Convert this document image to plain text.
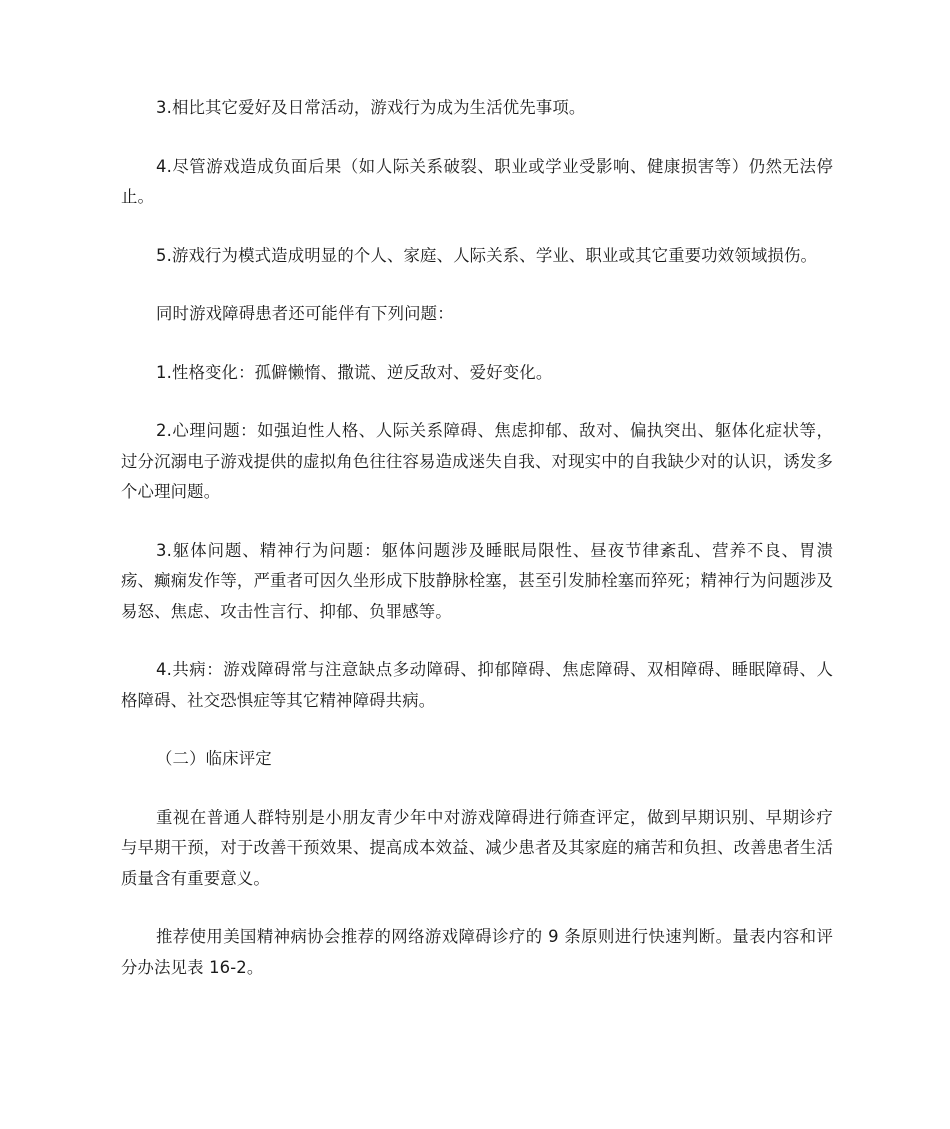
3.相比其它爱好及日常活动，游戏行为成为生活优先事项。

4.尽管游戏造成负面后果（如人际关系破裂、职业或学业受影响、健康损害等）仍然无法停止。

5.游戏行为模式造成明显的个人、家庭、人际关系、学业、职业或其它重要功效领域损伤。

同时游戏障碍患者还可能伴有下列问题：

1.性格变化：孤僻懒惰、撒谎、逆反敌对、爱好变化。

2.心理问题：如强迫性人格、人际关系障碍、焦虑抑郁、敌对、偏执突出、躯体化症状等，过分沉溺电子游戏提供的虚拟角色往往容易造成迷失自我、对现实中的自我缺少对的认识，诱发多个心理问题。

3.躯体问题、精神行为问题：躯体问题涉及睡眠局限性、昼夜节律紊乱、营养不良、胃溃疡、癫痫发作等，严重者可因久坐形成下肢静脉栓塞，甚至引发肺栓塞而猝死；精神行为问题涉及易怒、焦虑、攻击性言行、抑郁、负罪感等。

4.共病：游戏障碍常与注意缺点多动障碍、抑郁障碍、焦虑障碍、双相障碍、睡眠障碍、人格障碍、社交恐惧症等其它精神障碍共病。

（二）临床评定

重视在普通人群特别是小朋友青少年中对游戏障碍进行筛查评定，做到早期识别、早期诊疗与早期干预，对于改善干预效果、提高成本效益、减少患者及其家庭的痛苦和负担、改善患者生活质量含有重要意义。

推荐使用美国精神病协会推荐的网络游戏障碍诊疗的 9 条原则进行快速判断。量表内容和评分办法见表 16-2。
